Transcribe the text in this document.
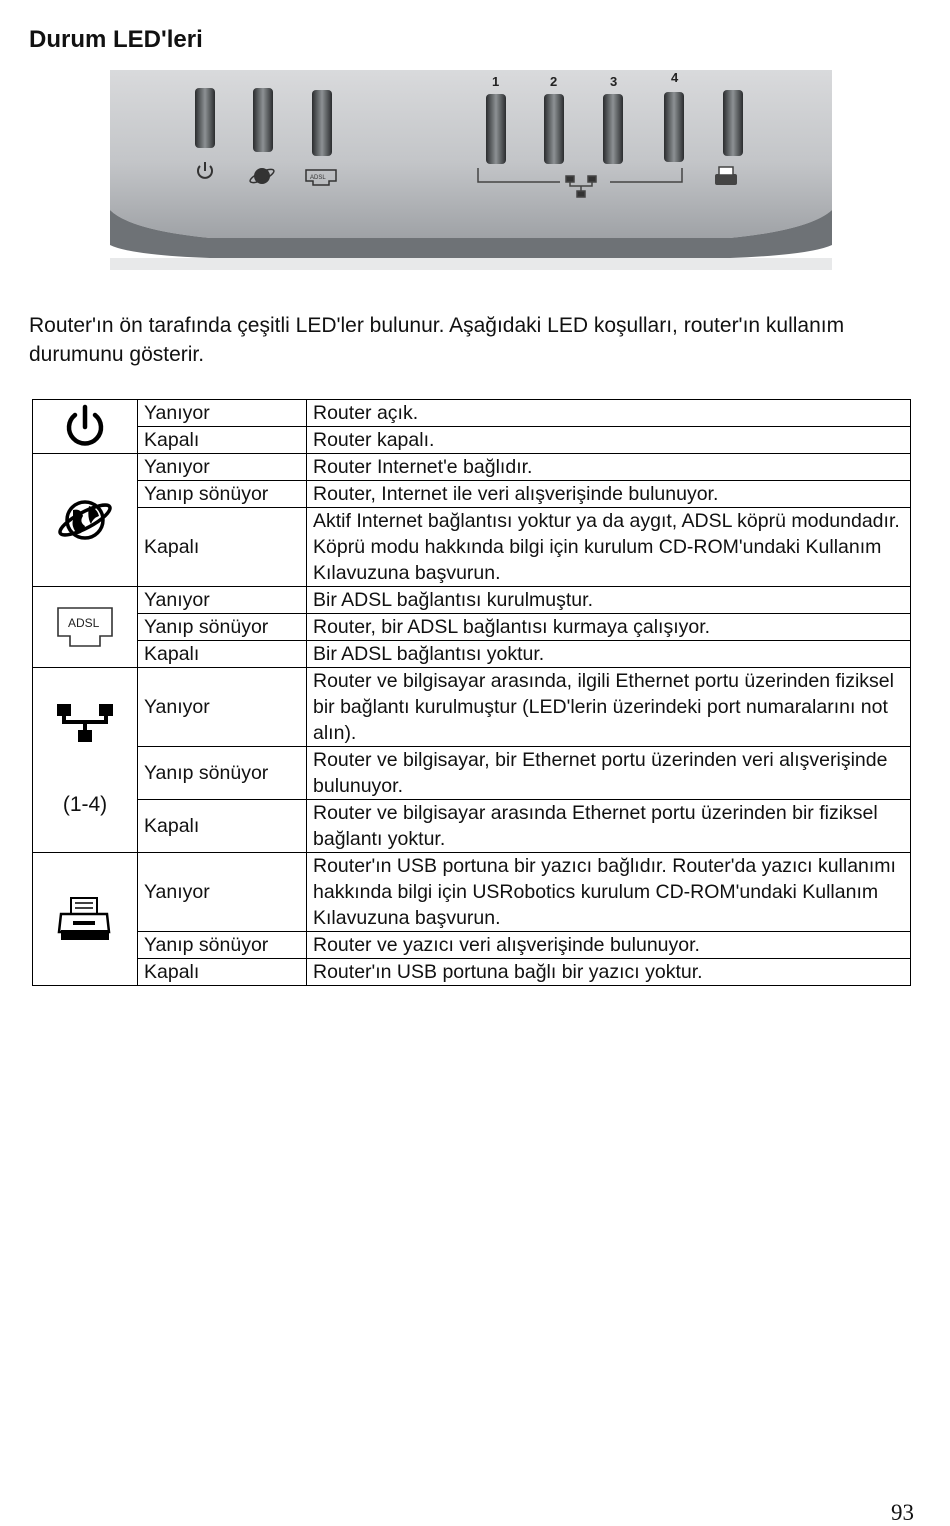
Durum LED'leri
1	2	3	4
ADSL

Router'ın ön tarafında çeşitli LED'ler bulunur. Aşağıdaki LED koşulları, router'ın kullanım durumunu gösterir.

	Yanıyor	Router açık.
	Kapalı	Router kapalı.

	Yanıyor	Router Internet'e bağlıdır.
	Yanıp sönüyor	Router, Internet ile veri alışverişinde bulunuyor.
	Kapalı	Aktif Internet bağlantısı yoktur ya da aygıt, ADSL köprü modundadır. Köprü modu hakkında bilgi için kurulum CD-ROM'undaki Kullanım Kılavuzuna başvurun.

ADSL	Yanıyor	Bir ADSL bağlantısı kurulmuştur.
	Yanıp sönüyor	Router, bir ADSL bağlantısı kurmaya çalışıyor.
	Kapalı	Bir ADSL bağlantısı yoktur.

(1-4)	Yanıyor	Router ve bilgisayar arasında, ilgili Ethernet portu üzerinden fiziksel bir bağlantı kurulmuştur (LED'lerin üzerindeki port numaralarını not alın).
	Yanıp sönüyor	Router ve bilgisayar, bir Ethernet portu üzerinden veri alışverişinde bulunuyor.
	Kapalı	Router ve bilgisayar arasında Ethernet portu üzerinden bir fiziksel bağlantı yoktur.

	Yanıyor	Router'ın USB portuna bir yazıcı bağlıdır. Router'da yazıcı kullanımı hakkında bilgi için USRobotics kurulum CD-ROM'undaki Kullanım Kılavuzuna başvurun.
	Yanıp sönüyor	Router ve yazıcı veri alışverişinde bulunuyor.
	Kapalı	Router'ın USB portuna bağlı bir yazıcı yoktur.
93
